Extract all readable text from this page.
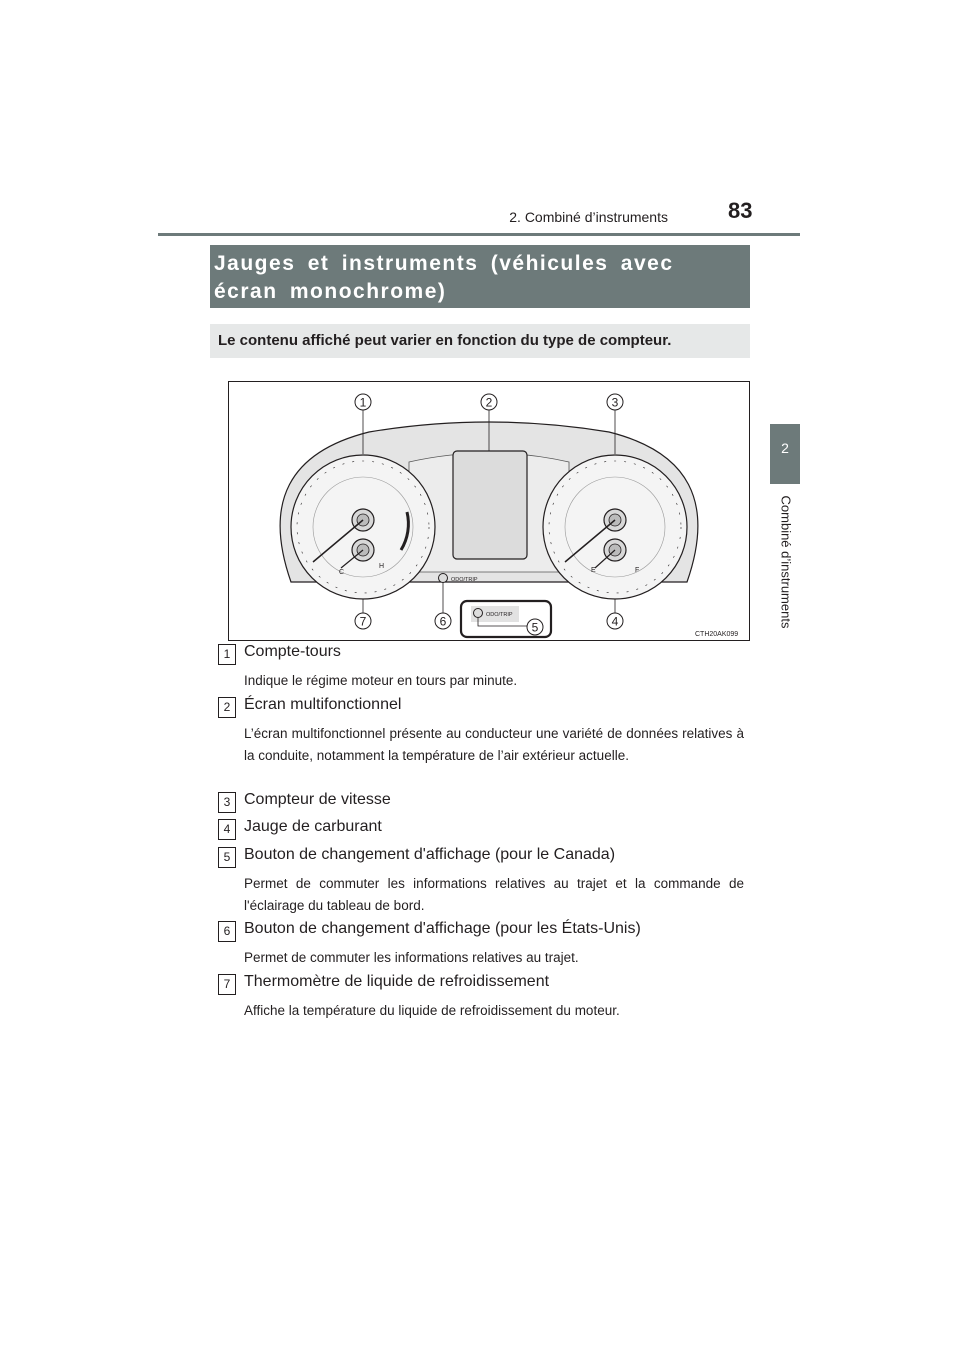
2. Combiné d’instruments	83
2
Combiné d’instruments
Jauges et instruments (véhicules avec écran monochrome)
Le contenu affiché peut varier en fonction du type de compteur.
C
H
ODO/TRIP
E	F
ODO/TRIP
1	2	3
4
5
6
7
CTH20AK099
1 Compte-tours
Indique le régime moteur en tours par minute.
2 Écran multifonctionnel
L’écran multifonctionnel présente au conducteur une variété de données relatives à la conduite, notamment la température de l’air extérieur actuelle.
3 Compteur de vitesse
4 Jauge de carburant
5 Bouton de changement d'affichage (pour le Canada)
Permet de commuter les informations relatives au trajet et la commande de l'éclairage du tableau de bord.
6 Bouton de changement d'affichage (pour les États-Unis)
Permet de commuter les informations relatives au trajet.
7 Thermomètre de liquide de refroidissement
Affiche la température du liquide de refroidissement du moteur.
